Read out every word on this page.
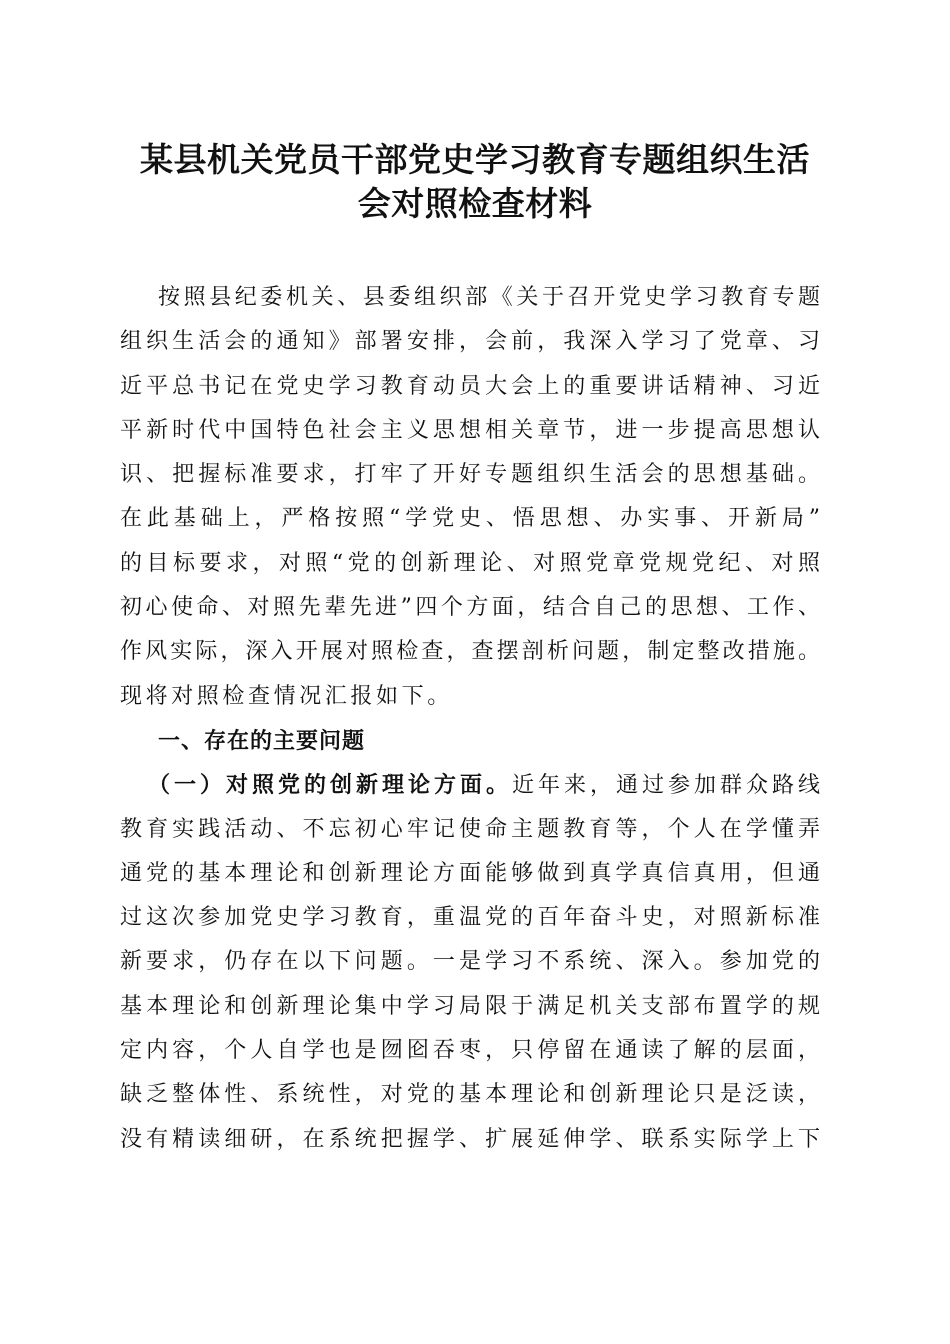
某县机关党员干部党史学习教育专题组织生活
会对照检查材料
按照县纪委机关、县委组织部《关于召开党史学习教育专题
组织生活会的通知》部署安排，会前，我深入学习了党章、习
近平总书记在党史学习教育动员大会上的重要讲话精神、习近
平新时代中国特色社会主义思想相关章节，进一步提高思想认
识、把握标准要求，打牢了开好专题组织生活会的思想基础。
在此基础上，严格按照“学党史、悟思想、办实事、开新局”
的目标要求，对照“党的创新理论、对照党章党规党纪、对照
初心使命、对照先辈先进”四个方面，结合自己的思想、工作、
作风实际，深入开展对照检查，查摆剖析问题，制定整改措施。
现将对照检查情况汇报如下。
一、存在的主要问题
（一）对照党的创新理论方面。近年来，通过参加群众路线
教育实践活动、不忘初心牢记使命主题教育等，个人在学懂弄
通党的基本理论和创新理论方面能够做到真学真信真用，但通
过这次参加党史学习教育，重温党的百年奋斗史，对照新标准
新要求，仍存在以下问题。一是学习不系统、深入。参加党的
基本理论和创新理论集中学习局限于满足机关支部布置学的规
定内容，个人自学也是囫囵吞枣，只停留在通读了解的层面，
缺乏整体性、系统性，对党的基本理论和创新理论只是泛读，
没有精读细研，在系统把握学、扩展延伸学、联系实际学上下
